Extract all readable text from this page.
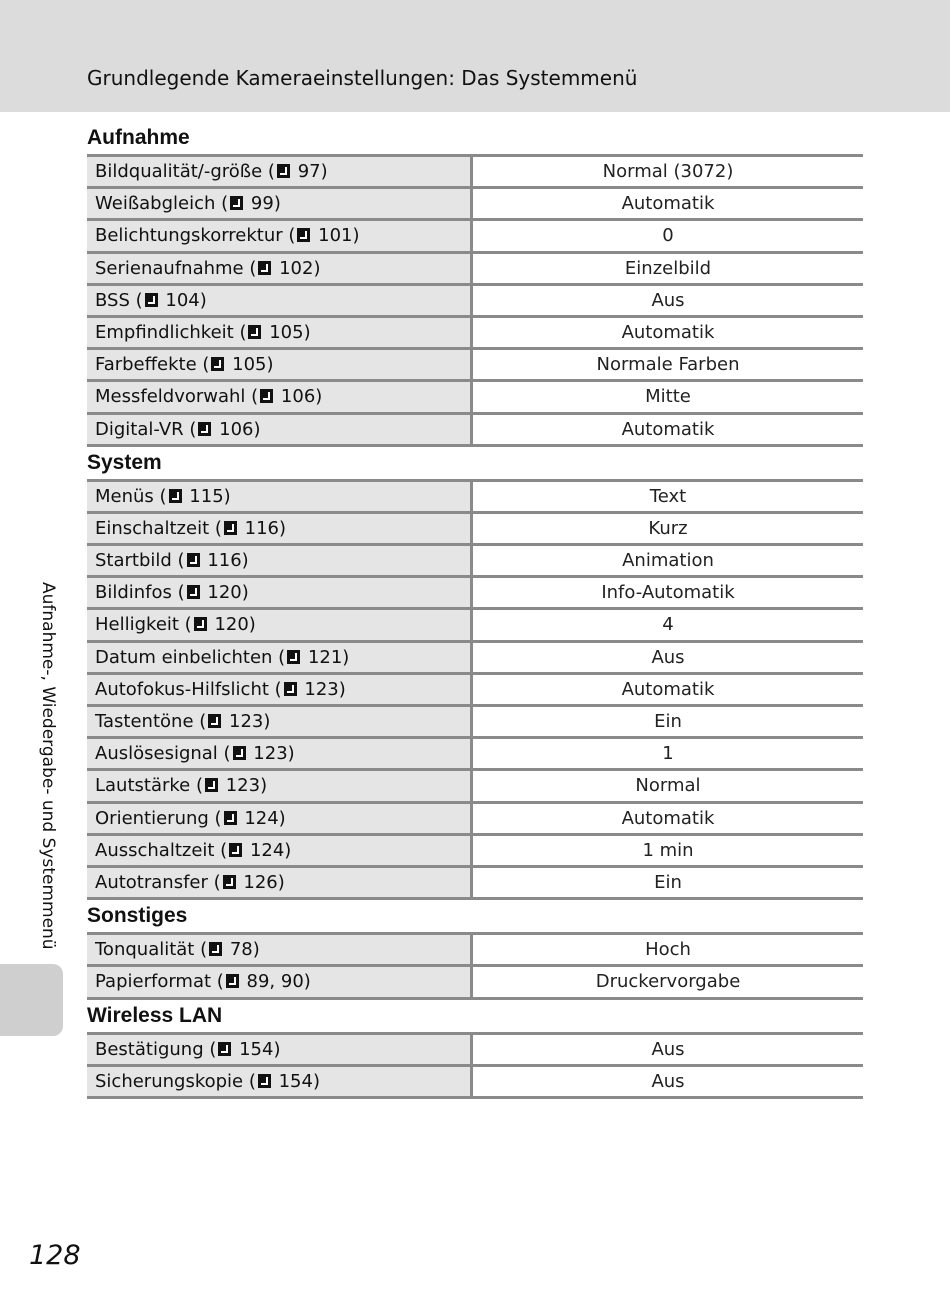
Grundlegende Kameraeinstellungen: Das Systemmenü
Aufnahme-, Wiedergabe- und Systemmenü
Aufnahme
Bildqualität/-größe ( 97)	Normal (3072)
Weißabgleich ( 99)	Automatik
Belichtungskorrektur ( 101)	0
Serienaufnahme ( 102)	Einzelbild
BSS ( 104)	Aus
Empfindlichkeit ( 105)	Automatik
Farbeffekte ( 105)	Normale Farben
Messfeldvorwahl ( 106)	Mitte
Digital-VR ( 106)	Automatik
System
Menüs ( 115)	Text
Einschaltzeit ( 116)	Kurz
Startbild ( 116)	Animation
Bildinfos ( 120)	Info-Automatik
Helligkeit ( 120)	4
Datum einbelichten ( 121)	Aus
Autofokus-Hilfslicht ( 123)	Automatik
Tastentöne ( 123)	Ein
Auslösesignal ( 123)	1
Lautstärke ( 123)	Normal
Orientierung ( 124)	Automatik
Ausschaltzeit ( 124)	1 min
Autotransfer ( 126)	Ein
Sonstiges
Tonqualität ( 78)	Hoch
Papierformat ( 89, 90)	Druckervorgabe
Wireless LAN
Bestätigung ( 154)	Aus
Sicherungskopie ( 154)	Aus
128
